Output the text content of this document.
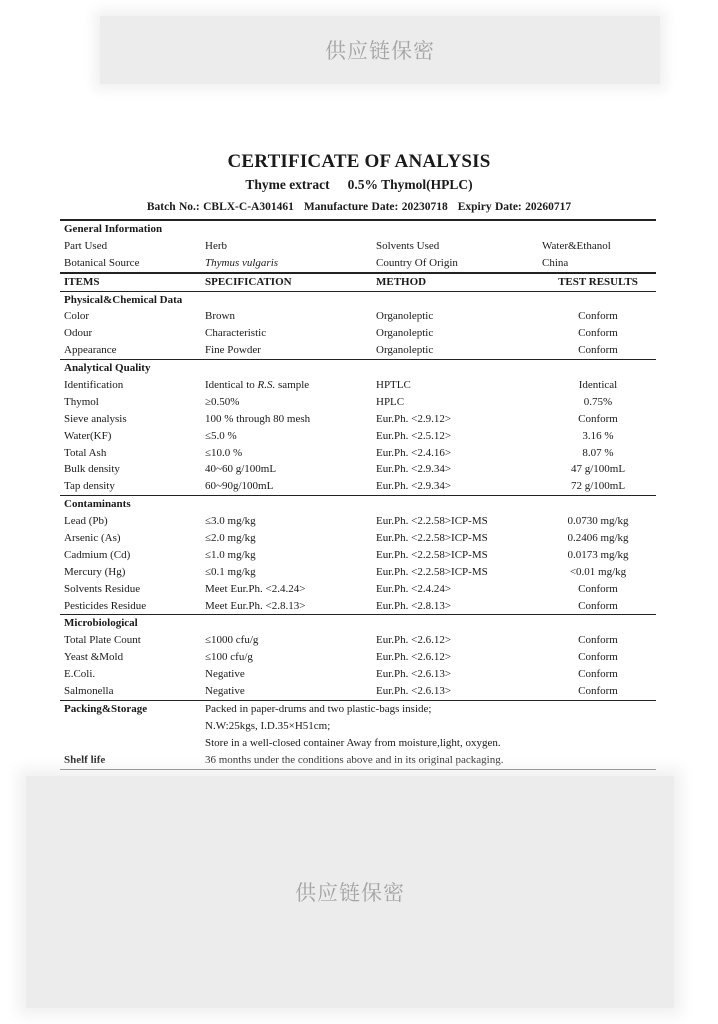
供应链保密
CERTIFICATE OF ANALYSIS
Thyme extract 0.5% Thymol(HPLC)
Batch No.: CBLX-C-A301461 Manufacture Date: 20230718 Expiry Date: 20260717
General Information
Part Used	Herb	Solvents Used	Water&Ethanol
Botanical Source	Thymus vulgaris	Country Of Origin	China
ITEMS	SPECIFICATION	METHOD	TEST RESULTS
Physical&Chemical Data
Color	Brown	Organoleptic	Conform
Odour	Characteristic	Organoleptic	Conform
Appearance	Fine Powder	Organoleptic	Conform
Analytical Quality
Identification	Identical to R.S. sample	HPTLC	Identical
Thymol	≥0.50%	HPLC	0.75%
Sieve analysis	100 % through 80 mesh	Eur.Ph. <2.9.12>	Conform
Water(KF)	≤5.0 %	Eur.Ph. <2.5.12>	3.16 %
Total Ash	≤10.0 %	Eur.Ph. <2.4.16>	8.07 %
Bulk density	40~60 g/100mL	Eur.Ph. <2.9.34>	47 g/100mL
Tap density	60~90g/100mL	Eur.Ph. <2.9.34>	72 g/100mL
Contaminants
Lead (Pb)	≤3.0 mg/kg	Eur.Ph. <2.2.58>ICP-MS	0.0730 mg/kg
Arsenic (As)	≤2.0 mg/kg	Eur.Ph. <2.2.58>ICP-MS	0.2406 mg/kg
Cadmium (Cd)	≤1.0 mg/kg	Eur.Ph. <2.2.58>ICP-MS	0.0173 mg/kg
Mercury (Hg)	≤0.1 mg/kg	Eur.Ph. <2.2.58>ICP-MS	<0.01 mg/kg
Solvents Residue	Meet Eur.Ph. <2.4.24>	Eur.Ph. <2.4.24>	Conform
Pesticides Residue	Meet Eur.Ph. <2.8.13>	Eur.Ph. <2.8.13>	Conform
Microbiological
Total Plate Count	≤1000 cfu/g	Eur.Ph. <2.6.12>	Conform
Yeast &Mold	≤100 cfu/g	Eur.Ph. <2.6.12>	Conform
E.Coli.	Negative	Eur.Ph. <2.6.13>	Conform
Salmonella	Negative	Eur.Ph. <2.6.13>	Conform
Packing&Storage	Packed in paper-drums and two plastic-bags inside;
N.W:25kgs, I.D.35×H51cm;
Store in a well-closed container Away from moisture,light, oxygen.
Shelf life	36 months under the conditions above and in its original packaging.
供应链保密
